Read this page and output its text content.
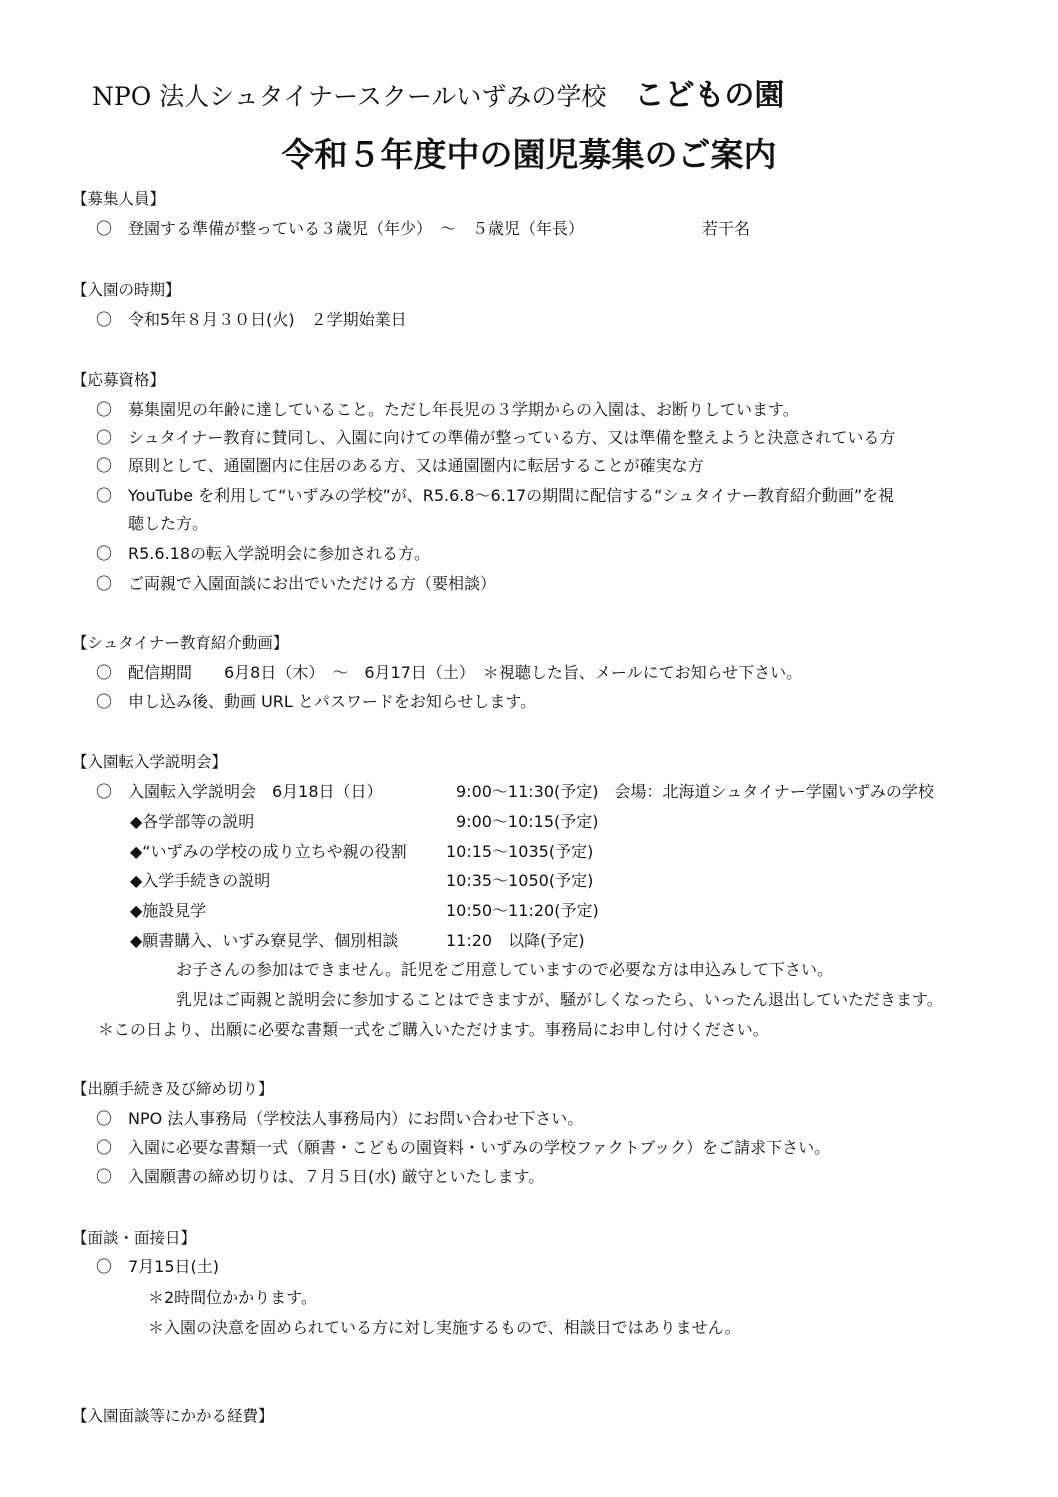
NPO 法人シュタイナースクールいずみの学校 こどもの園
令和５年度中の園児募集のご案内
【募集人員】
〇 登園する準備が整っている３歳児（年少）　～　５歳児（年長）	若干名
【入園の時期】
〇 令和5年８月３０日(火)　２学期始業日
【応募資格】
〇 募集園児の年齢に達していること。ただし年長児の３学期からの入園は、お断りしています。
〇 シュタイナー教育に賛同し、入園に向けての準備が整っている方、又は準備を整えようと決意されている方
〇 原則として、通園圏内に住居のある方、又は通園圏内に転居することが確実な方
〇 YouTube を利用して“いずみの学校”が、R5.6.8～6.17の期間に配信する“シュタイナー教育紹介動画”を視
聴した方。
〇 R5.6.18の転入学説明会に参加される方。
〇 ご両親で入園面談にお出でいただける方（要相談）
【シュタイナー教育紹介動画】
〇 配信期間　　6月8日（木）　～　6月17日（土）　＊視聴した旨、メールにてお知らせ下さい。
〇 申し込み後、動画 URL とパスワードをお知らせします。
【入園転入学説明会】
〇 入園転入学説明会　6月18日（日）	9:00～11:30(予定)　会場：北海道シュタイナー学園いずみの学校
◆各学部等の説明	9:00～10:15(予定)
◆“いずみの学校の成り立ちや親の役割 10:15～1035(予定)
◆入学手続きの説明	10:35～1050(予定)
◆施設見学	10:50～11:20(予定)
◆願書購入、いずみ寮見学、個別相談	11:20　以降(予定)
お子さんの参加はできません。託児をご用意していますので必要な方は申込みして下さい。
乳児はご両親と説明会に参加することはできますが、騒がしくなったら、いったん退出していただきます。
＊この日より、出願に必要な書類一式をご購入いただけます。事務局にお申し付けください。
【出願手続き及び締め切り】
〇 NPO 法人事務局（学校法人事務局内）にお問い合わせ下さい。
〇 入園に必要な書類一式（願書・こどもの園資料・いずみの学校ファクトブック）をご請求下さい。
〇 入園願書の締め切りは、７月５日(水) 厳守といたします。
【面談・面接日】
〇 7月15日(土)
＊2時間位かかります。
＊入園の決意を固められている方に対し実施するもので、相談日ではありません。
【入園面談等にかかる経費】
